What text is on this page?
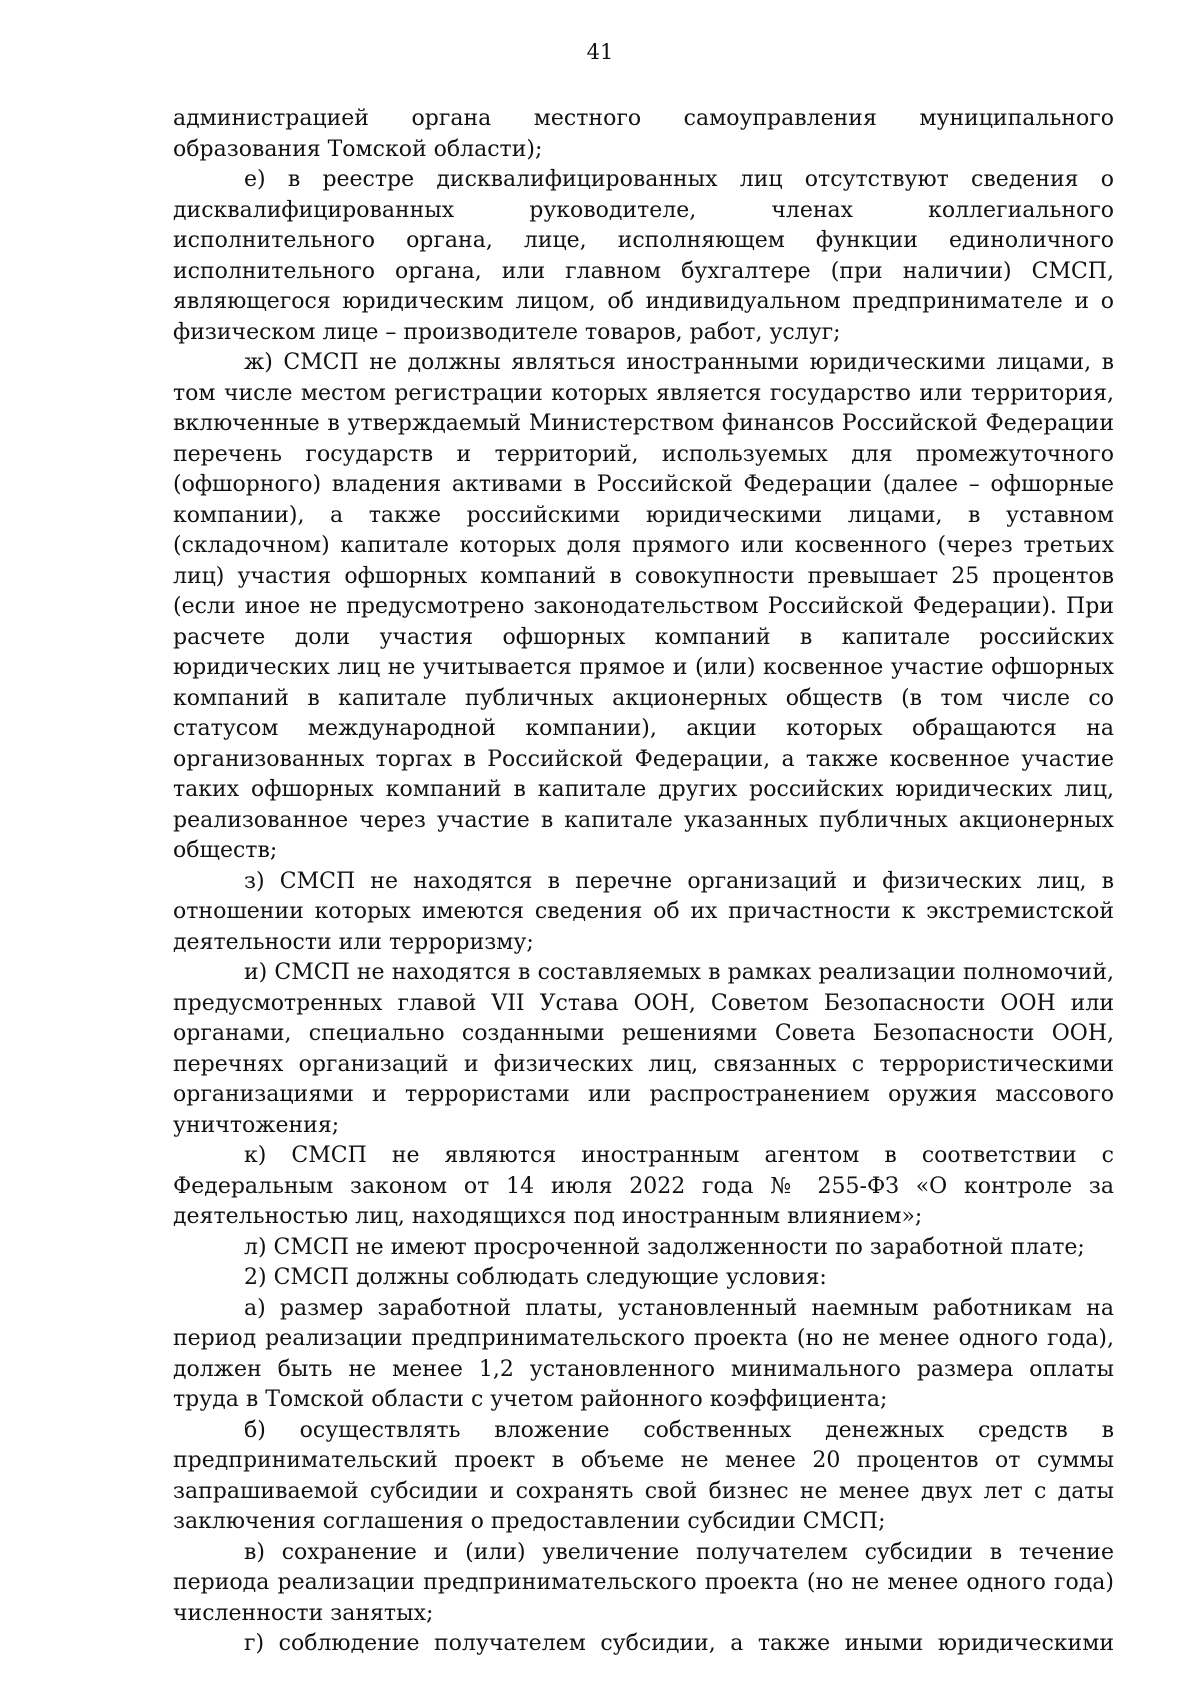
41

администрацией органа местного самоуправления муниципального образования Томской области);

е) в реестре дисквалифицированных лиц отсутствуют сведения о дисквалифицированных руководителе, членах коллегиального исполнительного органа, лице, исполняющем функции единоличного исполнительного органа, или главном бухгалтере (при наличии) СМСП, являющегося юридическим лицом, об индивидуальном предпринимателе и о физическом лице – производителе товаров, работ, услуг;

ж) СМСП не должны являться иностранными юридическими лицами, в том числе местом регистрации которых является государство или территория, включенные в утверждаемый Министерством финансов Российской Федерации перечень государств и территорий, используемых для промежуточного (офшорного) владения активами в Российской Федерации (далее – офшорные компании), а также российскими юридическими лицами, в уставном (складочном) капитале которых доля прямого или косвенного (через третьих лиц) участия офшорных компаний в совокупности превышает 25 процентов (если иное не предусмотрено законодательством Российской Федерации). При расчете доли участия офшорных компаний в капитале российских юридических лиц не учитывается прямое и (или) косвенное участие офшорных компаний в капитале публичных акционерных обществ (в том числе со статусом международной компании), акции которых обращаются на организованных торгах в Российской Федерации, а также косвенное участие таких офшорных компаний в капитале других российских юридических лиц, реализованное через участие в капитале указанных публичных акционерных обществ;

з) СМСП не находятся в перечне организаций и физических лиц, в отношении которых имеются сведения об их причастности к экстремистской деятельности или терроризму;

и) СМСП не находятся в составляемых в рамках реализации полномочий, предусмотренных главой VII Устава ООН, Советом Безопасности ООН или органами, специально созданными решениями Совета Безопасности ООН, перечнях организаций и физических лиц, связанных с террористическими организациями и террористами или распространением оружия массового уничтожения;

к) СМСП не являются иностранным агентом в соответствии с Федеральным законом от 14 июля 2022 года № 255-ФЗ «О контроле за деятельностью лиц, находящихся под иностранным влиянием»;

л) СМСП не имеют просроченной задолженности по заработной плате;

2) СМСП должны соблюдать следующие условия:

а) размер заработной платы, установленный наемным работникам на период реализации предпринимательского проекта (но не менее одного года), должен быть не менее 1,2 установленного минимального размера оплаты труда в Томской области с учетом районного коэффициента;

б) осуществлять вложение собственных денежных средств в предпринимательский проект в объеме не менее 20 процентов от суммы запрашиваемой субсидии и сохранять свой бизнес не менее двух лет с даты заключения соглашения о предоставлении субсидии СМСП;

в) сохранение и (или) увеличение получателем субсидии в течение периода реализации предпринимательского проекта (но не менее одного года) численности занятых;

г) соблюдение получателем субсидии, а также иными юридическими
